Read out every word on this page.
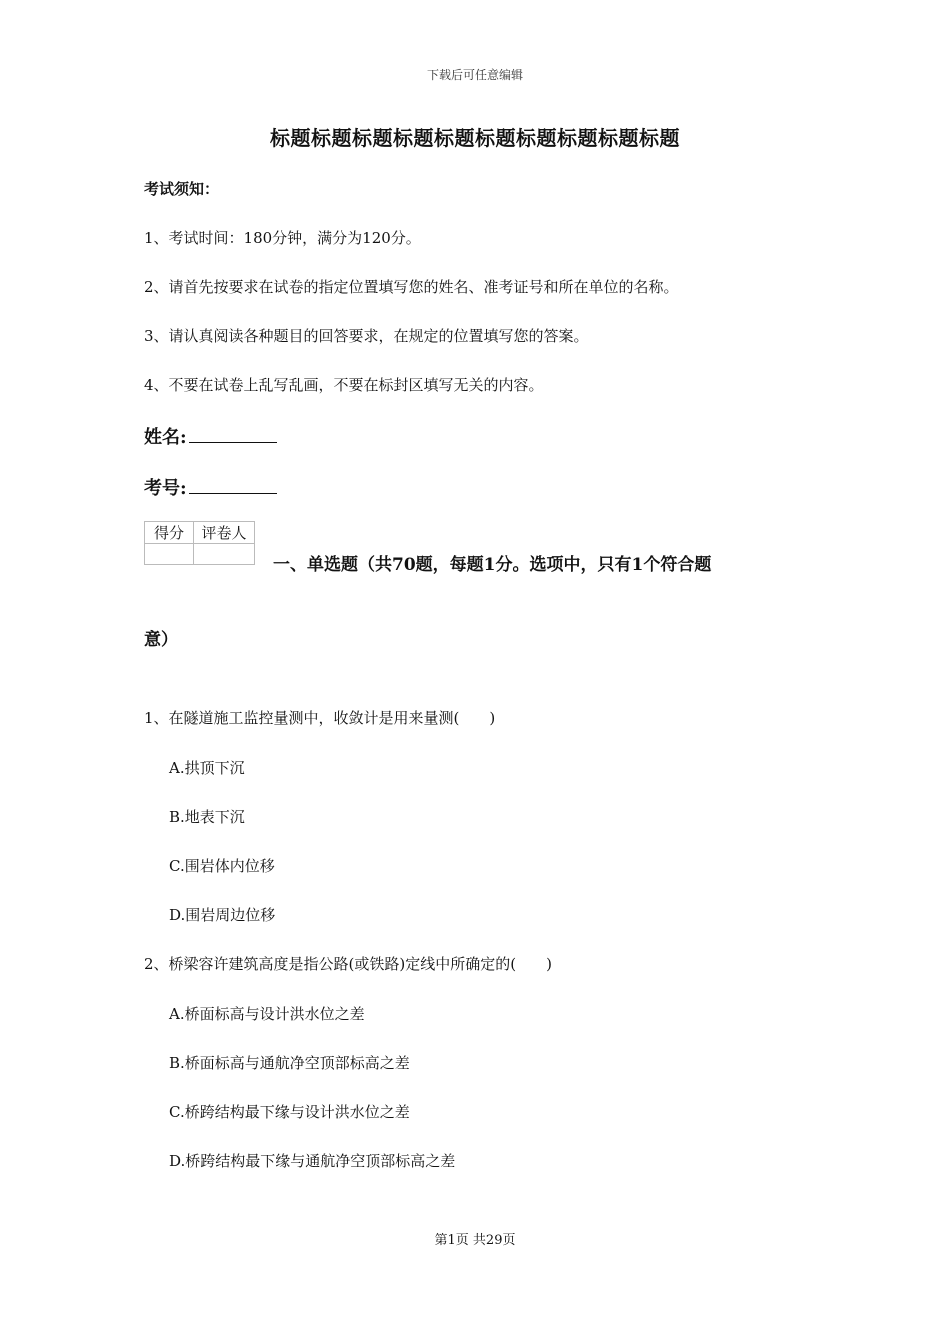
下载后可任意编辑
标题标题标题标题标题标题标题标题标题标题
考试须知：
1、考试时间：180分钟，满分为120分。
2、请首先按要求在试卷的指定位置填写您的姓名、准考证号和所在单位的名称。
3、请认真阅读各种题目的回答要求，在规定的位置填写您的答案。
4、不要在试卷上乱写乱画，不要在标封区填写无关的内容。
姓名:
考号:
得分	评卷人

一、单选题（共70题，每题1分。选项中，只有1个符合题
意）
1、在隧道施工监控量测中，收敛计是用来量测(　　)
A.拱顶下沉
B.地表下沉
C.围岩体内位移
D.围岩周边位移
2、桥梁容许建筑高度是指公路(或铁路)定线中所确定的(　　)
A.桥面标高与设计洪水位之差
B.桥面标高与通航净空顶部标高之差
C.桥跨结构最下缘与设计洪水位之差
D.桥跨结构最下缘与通航净空顶部标高之差
第1页 共29页
